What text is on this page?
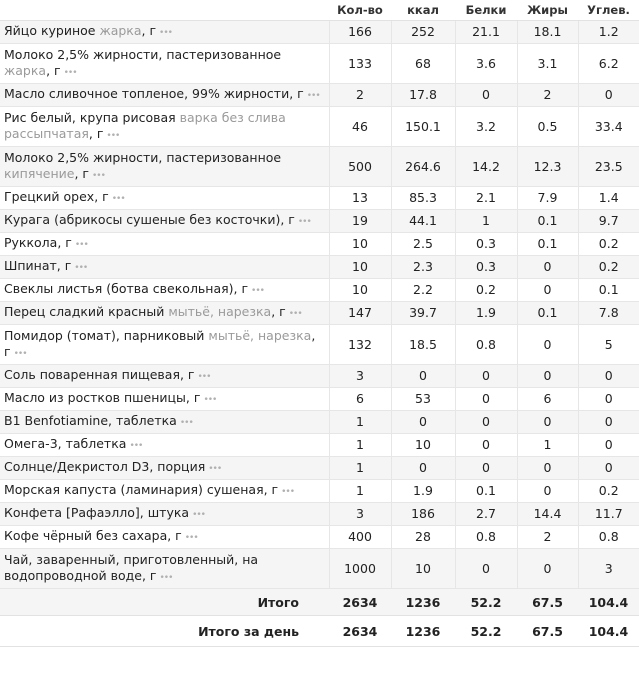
	Кол-во	ккал	Белки	Жиры	Углев.
Яйцо куриное жарка, г •••	166	252	21.1	18.1	1.2
Молоко 2,5% жирности, пастеризованное жарка, г •••	133	68	3.6	3.1	6.2
Масло сливочное топленое, 99% жирности, г •••	2	17.8	0	2	0
Рис белый, крупа рисовая варка без слива рассыпчатая, г •••	46	150.1	3.2	0.5	33.4
Молоко 2,5% жирности, пастеризованное кипячение, г •••	500	264.6	14.2	12.3	23.5
Грецкий орех, г •••	13	85.3	2.1	7.9	1.4
Курага (абрикосы сушеные без косточки), г •••	19	44.1	1	0.1	9.7
Руккола, г •••	10	2.5	0.3	0.1	0.2
Шпинат, г •••	10	2.3	0.3	0	0.2
Свеклы листья (ботва свекольная), г •••	10	2.2	0.2	0	0.1
Перец сладкий красный мытьё, нарезка, г •••	147	39.7	1.9	0.1	7.8
Помидор (томат), парниковый мытьё, нарезка, г •••	132	18.5	0.8	0	5
Соль поваренная пищевая, г •••	3	0	0	0	0
Масло из ростков пшеницы, г •••	6	53	0	6	0
B1 Benfotiamine, таблетка •••	1	0	0	0	0
Омега-3, таблетка •••	1	10	0	1	0
Солнце/Декристол D3, порция •••	1	0	0	0	0
Морская капуста (ламинария) сушеная, г •••	1	1.9	0.1	0	0.2
Конфета [Рафаэлло], штука •••	3	186	2.7	14.4	11.7
Кофе чёрный без сахара, г •••	400	28	0.8	2	0.8
Чай, заваренный, приготовленный, на водопроводной воде, г •••	1000	10	0	0	3
Итого	2634	1236	52.2	67.5	104.4
Итого за день	2634	1236	52.2	67.5	104.4
